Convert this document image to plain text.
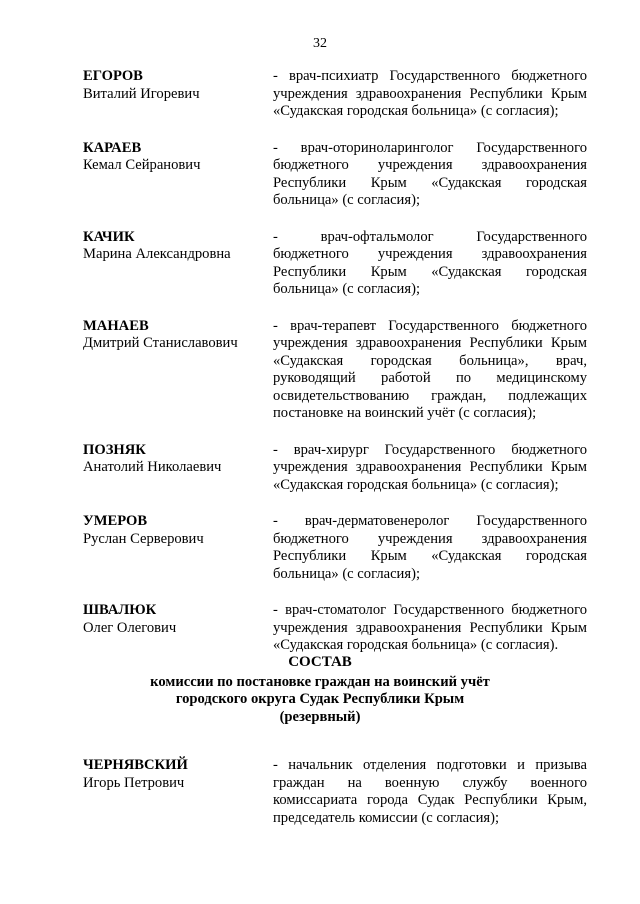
32
ЕГОРОВ
Виталий Игоревич
- врач-психиатр Государственного бюджетного учреждения здравоохранения Республики Крым «Судакская городская больница» (с согласия);
КАРАЕВ
Кемал Сейранович
- врач-оториноларинголог Государственного бюджетного учреждения здравоохранения Республики Крым «Судакская городская больница» (с согласия);
КАЧИК
Марина Александровна
- врач-офтальмолог Государственного бюджетного учреждения здравоохранения Республики Крым «Судакская городская больница» (с согласия);
МАНАЕВ
Дмитрий Станиславович
- врач-терапевт Государственного бюджетного учреждения здравоохранения Республики Крым «Судакская городская больница», врач, руководящий работой по медицинскому освидетельствованию граждан, подлежащих постановке на воинский учёт (с согласия);
ПОЗНЯК
Анатолий Николаевич
- врач-хирург Государственного бюджетного учреждения здравоохранения Республики Крым «Судакская городская больница» (с согласия);
УМЕРОВ
Руслан Серверович
- врач-дерматовенеролог Государственного бюджетного учреждения здравоохранения Республики Крым «Судакская городская больница» (с согласия);
ШВАЛЮК
Олег Олегович
- врач-стоматолог Государственного бюджетного учреждения здравоохранения Республики Крым «Судакская городская больница» (с согласия).
СОСТАВ
комиссии по постановке граждан на воинский учёт
городского округа Судак Республики Крым
(резервный)
ЧЕРНЯВСКИЙ
Игорь Петрович
- начальник отделения подготовки и призыва граждан на военную службу военного комиссариата города Судак Республики Крым, председатель комиссии (с согласия);
